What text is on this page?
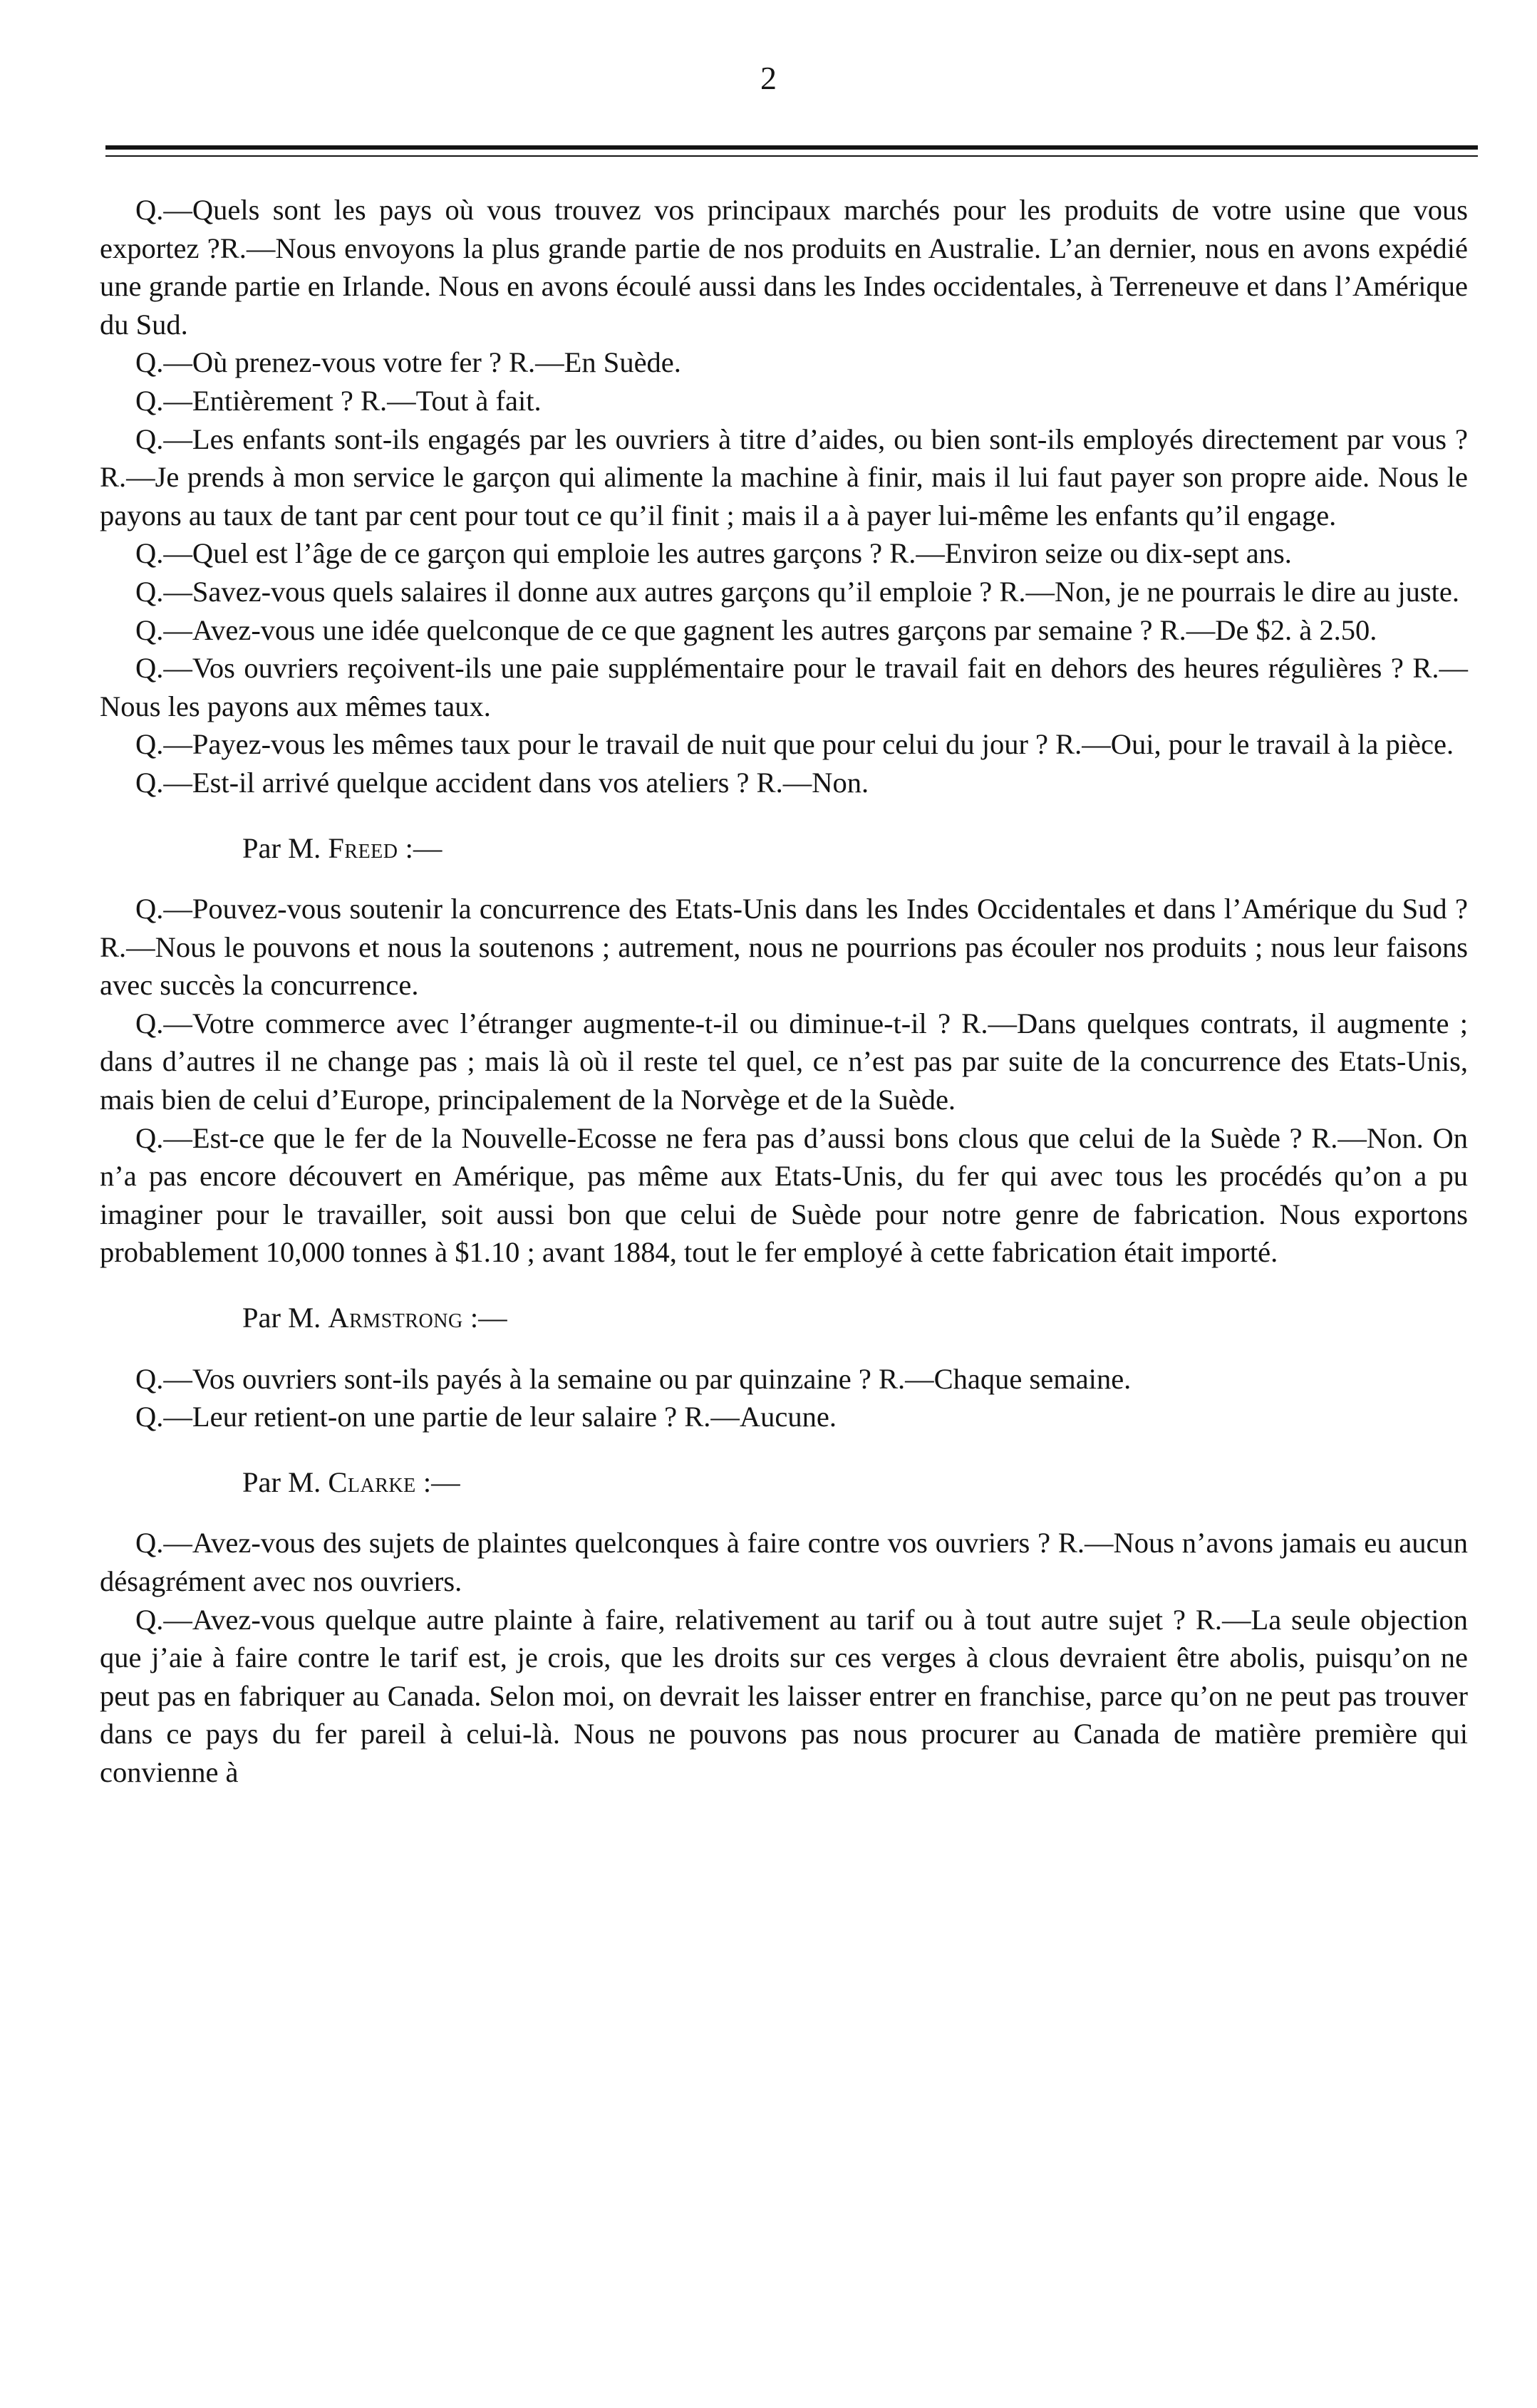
2

Q.—Quels sont les pays où vous trouvez vos principaux marchés pour les produits de votre usine que vous exportez ?R.—Nous envoyons la plus grande partie de nos produits en Australie. L’an dernier, nous en avons expédié une grande partie en Irlande. Nous en avons écoulé aussi dans les Indes occidentales, à Terreneuve et dans l’Amérique du Sud.

Q.—Où prenez-vous votre fer ? R.—En Suède.

Q.—Entièrement ? R.—Tout à fait.

Q.—Les enfants sont-ils engagés par les ouvriers à titre d’aides, ou bien sont-ils employés directement par vous ? R.—Je prends à mon service le garçon qui alimente la machine à finir, mais il lui faut payer son propre aide. Nous le payons au taux de tant par cent pour tout ce qu’il finit ; mais il a à payer lui-même les enfants qu’il engage.

Q.—Quel est l’âge de ce garçon qui emploie les autres garçons ? R.—Environ seize ou dix-sept ans.

Q.—Savez-vous quels salaires il donne aux autres garçons qu’il emploie ? R.—Non, je ne pourrais le dire au juste.

Q.—Avez-vous une idée quelconque de ce que gagnent les autres garçons par semaine ? R.—De $2. à 2.50.

Q.—Vos ouvriers reçoivent-ils une paie supplémentaire pour le travail fait en dehors des heures régulières ? R.—Nous les payons aux mêmes taux.

Q.—Payez-vous les mêmes taux pour le travail de nuit que pour celui du jour ? R.—Oui, pour le travail à la pièce.

Q.—Est-il arrivé quelque accident dans vos ateliers ? R.—Non.

Par M. Freed :—

Q.—Pouvez-vous soutenir la concurrence des Etats-Unis dans les Indes Occidentales et dans l’Amérique du Sud ? R.—Nous le pouvons et nous la soutenons ; autrement, nous ne pourrions pas écouler nos produits ; nous leur faisons avec succès la concurrence.

Q.—Votre commerce avec l’étranger augmente-t-il ou diminue-t-il ? R.—Dans quelques contrats, il augmente ; dans d’autres il ne change pas ; mais là où il reste tel quel, ce n’est pas par suite de la concurrence des Etats-Unis, mais bien de celui d’Europe, principalement de la Norvège et de la Suède.

Q.—Est-ce que le fer de la Nouvelle-Ecosse ne fera pas d’aussi bons clous que celui de la Suède ? R.—Non. On n’a pas encore découvert en Amérique, pas même aux Etats-Unis, du fer qui avec tous les procédés qu’on a pu imaginer pour le travailler, soit aussi bon que celui de Suède pour notre genre de fabrication. Nous exportons probablement 10,000 tonnes à $1.10 ; avant 1884, tout le fer employé à cette fabrication était importé.

Par M. Armstrong :—

Q.—Vos ouvriers sont-ils payés à la semaine ou par quinzaine ? R.—Chaque semaine.

Q.—Leur retient-on une partie de leur salaire ? R.—Aucune.

Par M. Clarke :—

Q.—Avez-vous des sujets de plaintes quelconques à faire contre vos ouvriers ? R.—Nous n’avons jamais eu aucun désagrément avec nos ouvriers.

Q.—Avez-vous quelque autre plainte à faire, relativement au tarif ou à tout autre sujet ? R.—La seule objection que j’aie à faire contre le tarif est, je crois, que les droits sur ces verges à clous devraient être abolis, puisqu’on ne peut pas en fabriquer au Canada. Selon moi, on devrait les laisser entrer en franchise, parce qu’on ne peut pas trouver dans ce pays du fer pareil à celui-là. Nous ne pouvons pas nous procurer au Canada de matière première qui convienne à
